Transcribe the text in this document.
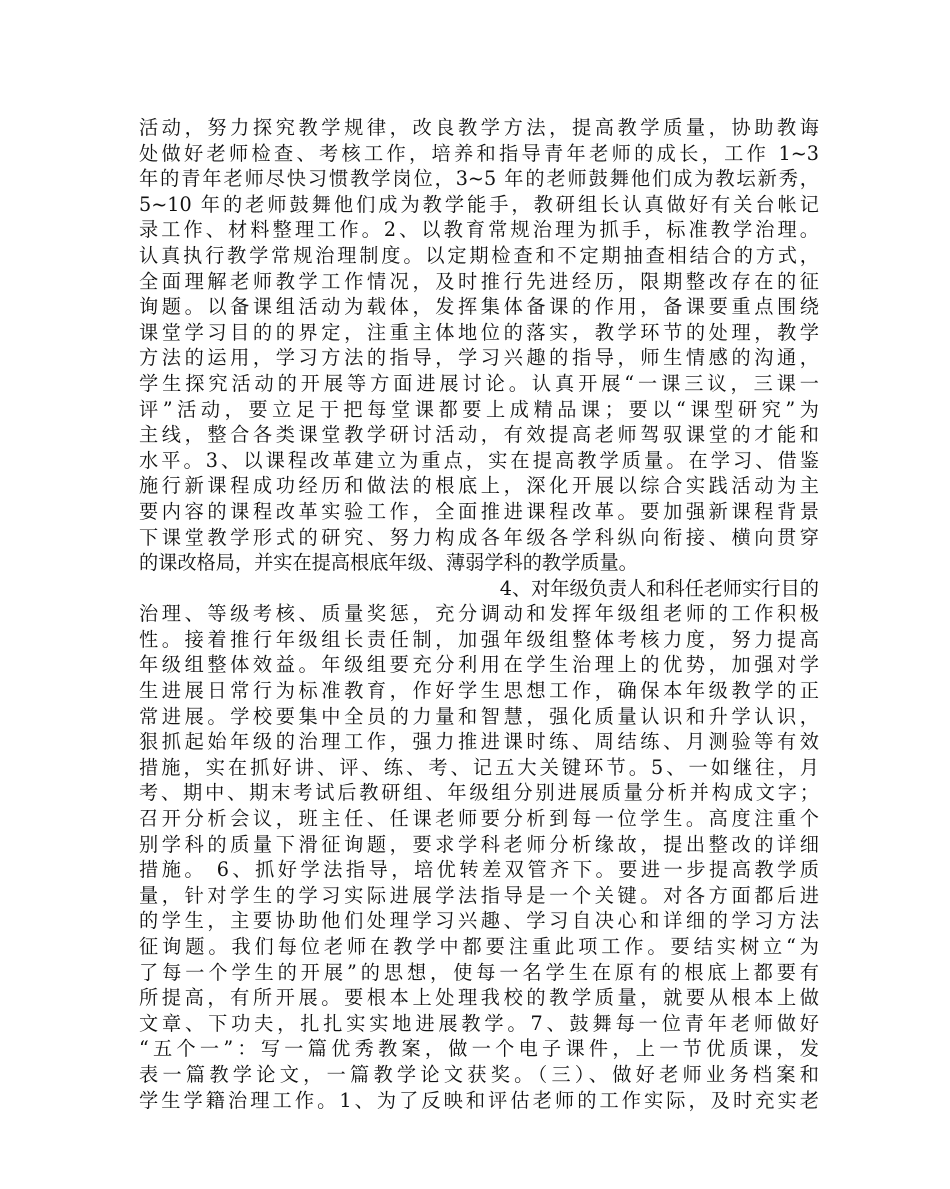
活动，努力探究教学规律，改良教学方法，提高教学质量，协助教诲
处做好老师检查、考核工作，培养和指导青年老师的成长，工作 1~3
年的青年老师尽快习惯教学岗位，3~5 年的老师鼓舞他们成为教坛新秀，
5~10 年的老师鼓舞他们成为教学能手，教研组长认真做好有关台帐记
录工作、材料整理工作。2、以教育常规治理为抓手，标准教学治理。
认真执行教学常规治理制度。以定期检查和不定期抽查相结合的方式，
全面理解老师教学工作情况，及时推行先进经历，限期整改存在的征
询题。以备课组活动为载体，发挥集体备课的作用，备课要重点围绕
课堂学习目的的界定，注重主体地位的落实，教学环节的处理，教学
方法的运用，学习方法的指导，学习兴趣的指导，师生情感的沟通，
学生探究活动的开展等方面进展讨论。认真开展“一课三议，三课一
评”活动，要立足于把每堂课都要上成精品课；要以“课型研究”为
主线，整合各类课堂教学研讨活动，有效提高老师驾驭课堂的才能和
水平。3、以课程改革建立为重点，实在提高教学质量。在学习、借鉴
施行新课程成功经历和做法的根底上，深化开展以综合实践活动为主
要内容的课程改革实验工作，全面推进课程改革。要加强新课程背景
下课堂教学形式的研究、努力构成各年级各学科纵向衔接、横向贯穿
的课改格局，并实在提高根底年级、薄弱学科的教学质量。
4、对年级负责人和科任老师实行目的
治理、等级考核、质量奖惩，充分调动和发挥年级组老师的工作积极
性。接着推行年级组长责任制，加强年级组整体考核力度，努力提高
年级组整体效益。年级组要充分利用在学生治理上的优势，加强对学
生进展日常行为标准教育，作好学生思想工作，确保本年级教学的正
常进展。学校要集中全员的力量和智慧，强化质量认识和升学认识，
狠抓起始年级的治理工作，强力推进课时练、周结练、月测验等有效
措施，实在抓好讲、评、练、考、记五大关键环节。5、一如继往，月
考、期中、期末考试后教研组、年级组分别进展质量分析并构成文字；
召开分析会议，班主任、任课老师要分析到每一位学生。高度注重个
别学科的质量下滑征询题，要求学科老师分析缘故，提出整改的详细
措施。 6、抓好学法指导，培优转差双管齐下。要进一步提高教学质
量，针对学生的学习实际进展学法指导是一个关键。对各方面都后进
的学生，主要协助他们处理学习兴趣、学习自决心和详细的学习方法
征询题。我们每位老师在教学中都要注重此项工作。要结实树立“为
了每一个学生的开展”的思想，使每一名学生在原有的根底上都要有
所提高，有所开展。要根本上处理我校的教学质量，就要从根本上做
文章、下功夫，扎扎实实地进展教学。7、鼓舞每一位青年老师做好
“五个一”：写一篇优秀教案，做一个电子课件，上一节优质课，发
表一篇教学论文，一篇教学论文获奖。（三）、做好老师业务档案和
学生学籍治理工作。1、为了反映和评估老师的工作实际，及时充实老
